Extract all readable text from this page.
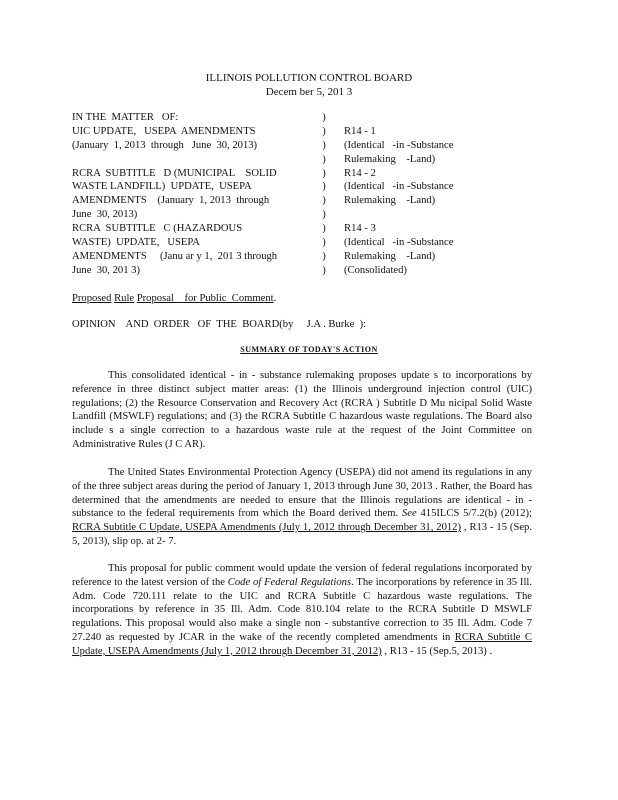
ILLINOIS POLLUTION CONTROL BOARD
Decem ber 5, 201 3
IN THE  MATTER   OF:	)
UIC UPDATE,   USEPA  AMENDMENTS	)	R14 - 1
(January  1, 2013  through   June  30, 2013)	)	(Identical   -in -Substance
)	Rulemaking    -Land)
RCRA  SUBTITLE   D (MUNICIPAL    SOLID	)	R14 - 2
WASTE LANDFILL)  UPDATE,  USEPA	)	(Identical   -in -Substance
AMENDMENTS    (January  1, 2013  through	)	Rulemaking    -Land)
June  30, 2013)	)
RCRA  SUBTITLE   C (HAZARDOUS	)	R14 - 3
WASTE)  UPDATE,   USEPA	)	(Identical   -in -Substance
AMENDMENTS     (Janu ar y 1,  201 3 through	)	Rulemaking    -Land)
June  30, 201 3)	)	(Consolidated)
Proposed Rule Proposal    for Public  Comment.
OPINION    AND  ORDER   OF  THE  BOARD(by     J.A . Burke  ):
SUMMARY OF TODAY'S ACTION

This consolidated identical - in - substance rulemaking proposes update s to incorporations by reference in three distinct subject matter areas: (1) the Illinois underground injection control (UIC) regulations; (2) the Resource Conservation and Recovery Act (RCRA ) Subtitle D Mu nicipal Solid Waste Landfill (MSWLF) regulations; and (3) the RCRA Subtitle C hazardous waste regulations. The Board also include s a single correction to a hazardous waste rule at the request of the Joint Committee on Administrative Rules (J C AR).

The United States Environmental Protection Agency (USEPA) did not amend its regulations in any of the three subject areas during the period of January 1, 2013 through June 30, 2013 . Rather, the Board has determined that the amendments are needed to ensure that the Illinois regulations are identical - in - substance to the federal requirements from which the Board derived them. See 415ILCS 5/7.2(b) (2012); RCRA Subtitle C Update, USEPA Amendments (July 1, 2012 through December 31, 2012) , R13 - 15 (Sep. 5, 2013), slip op. at 2- 7.

This proposal for public comment would update the version of federal regulations incorporated by reference to the latest version of the Code of Federal Regulations. The incorporations by reference in 35 Ill. Adm. Code 720.111 relate to the UIC and RCRA Subtitle C hazardous waste regulations. The incorporations by reference in 35 Ill. Adm. Code 810.104 relate to the RCRA Subtitle D MSWLF regulations. This proposal would also make a single non - substantive correction to 35 Ill. Adm. Code 7 27.240 as requested by JCAR in the wake of the recently completed amendments in RCRA Subtitle C Update, USEPA Amendments (July 1, 2012 through December 31, 2012) , R13 - 15 (Sep.5, 2013) .
